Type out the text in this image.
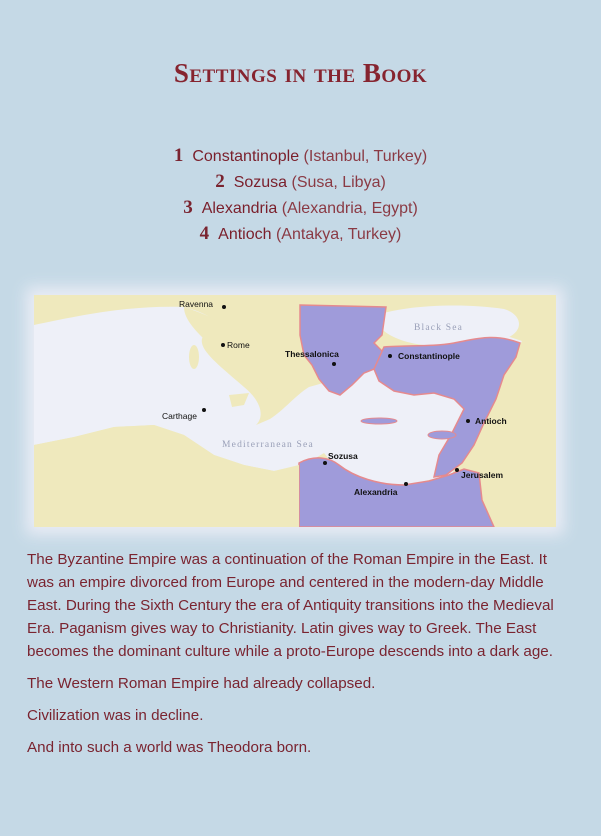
Settings in the Book
1 Constantinople (Istanbul, Turkey)
2 Sozusa (Susa, Libya)
3 Alexandria (Alexandria, Egypt)
4 Antioch (Antakya, Turkey)
Ravenna
Rome
Carthage
Thessalonica	Constantinople
Antioch
Sozusa
Alexandria
Jerusalem
Black Sea
Mediterranean Sea

The Byzantine Empire was a continuation of the Roman Empire in the East. It was an empire divorced from Europe and centered in the modern-day Middle East. During the Sixth Century the era of Antiquity transitions into the Medieval Era. Paganism gives way to Christianity. Latin gives way to Greek. The East becomes the dominant culture while a proto-Europe descends into a dark age.

The Western Roman Empire had already collapsed.

Civilization was in decline.

And into such a world was Theodora born.
